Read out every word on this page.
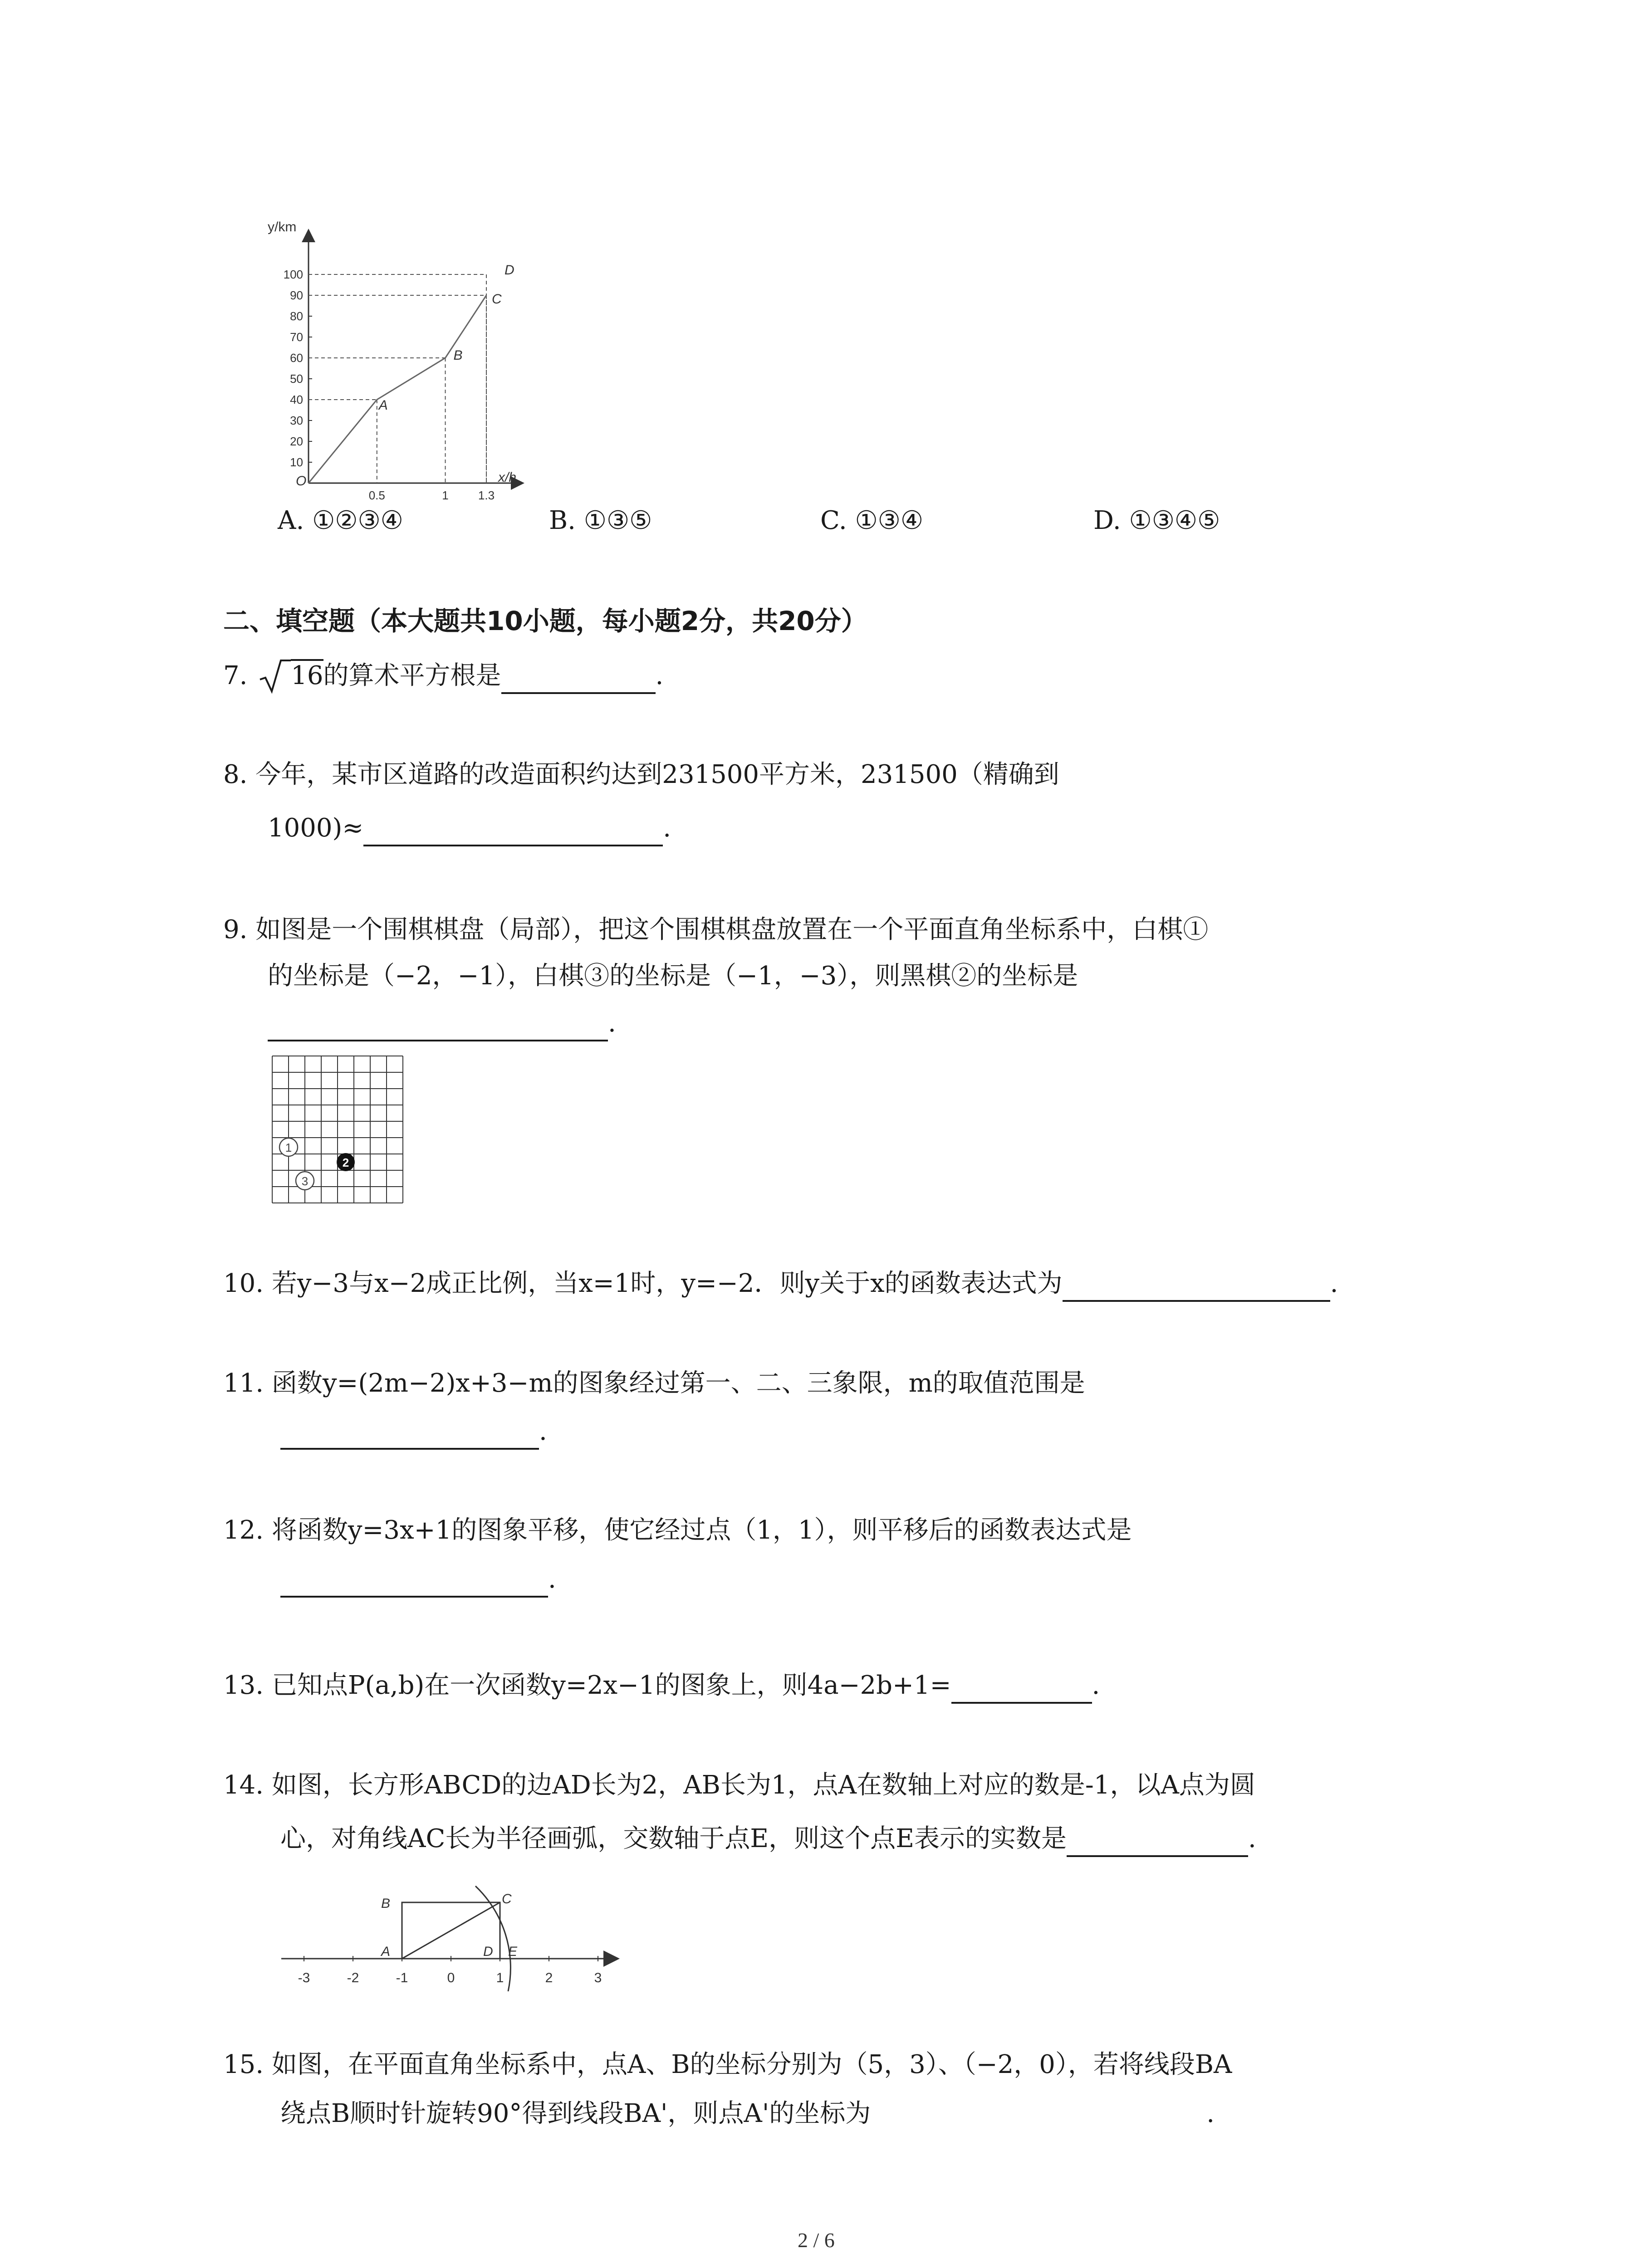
y/km
x/h
O
10
20
30
40
50
60
70
80
90
100
0.5	1	1.3
A
B
C
D
A. ①②③④	B. ①③⑤	C. ①③④	D. ①③④⑤
二、填空题（本大题共10小题，每小题2分，共20分）
7. 16的算术平方根是	.
8. 今年，某市区道路的改造面积约达到231500平方米，231500（精确到
1000)≈	.
9. 如图是一个围棋棋盘（局部），把这个围棋棋盘放置在一个平面直角坐标系中，白棋①
的坐标是（−2，−1），白棋③的坐标是（−1，−3），则黑棋②的坐标是
.
1
2
3
10. 若y−3与x−2成正比例，当x=1时，y=−2．则y关于x的函数表达式为	.
11. 函数y=(2m−2)x+3−m的图象经过第一、二、三象限，m的取值范围是
.
12. 将函数y=3x+1的图象平移，使它经过点（1，1），则平移后的函数表达式是
.
13. 已知点P(a,b)在一次函数y=2x−1的图象上，则4a−2b+1=	.
14. 如图，长方形ABCD的边AD长为2，AB长为1，点A在数轴上对应的数是-1，以A点为圆
心，对角线AC长为半径画弧，交数轴于点E，则这个点E表示的实数是	.
-3	-2	-1	0	1	2	3
A
B	C
D E
15. 如图，在平面直角坐标系中，点A、B的坐标分别为（5，3）、（−2，0），若将线段BA
绕点B顺时针旋转90°得到线段BA'，则点A'的坐标为	.
2 / 6
